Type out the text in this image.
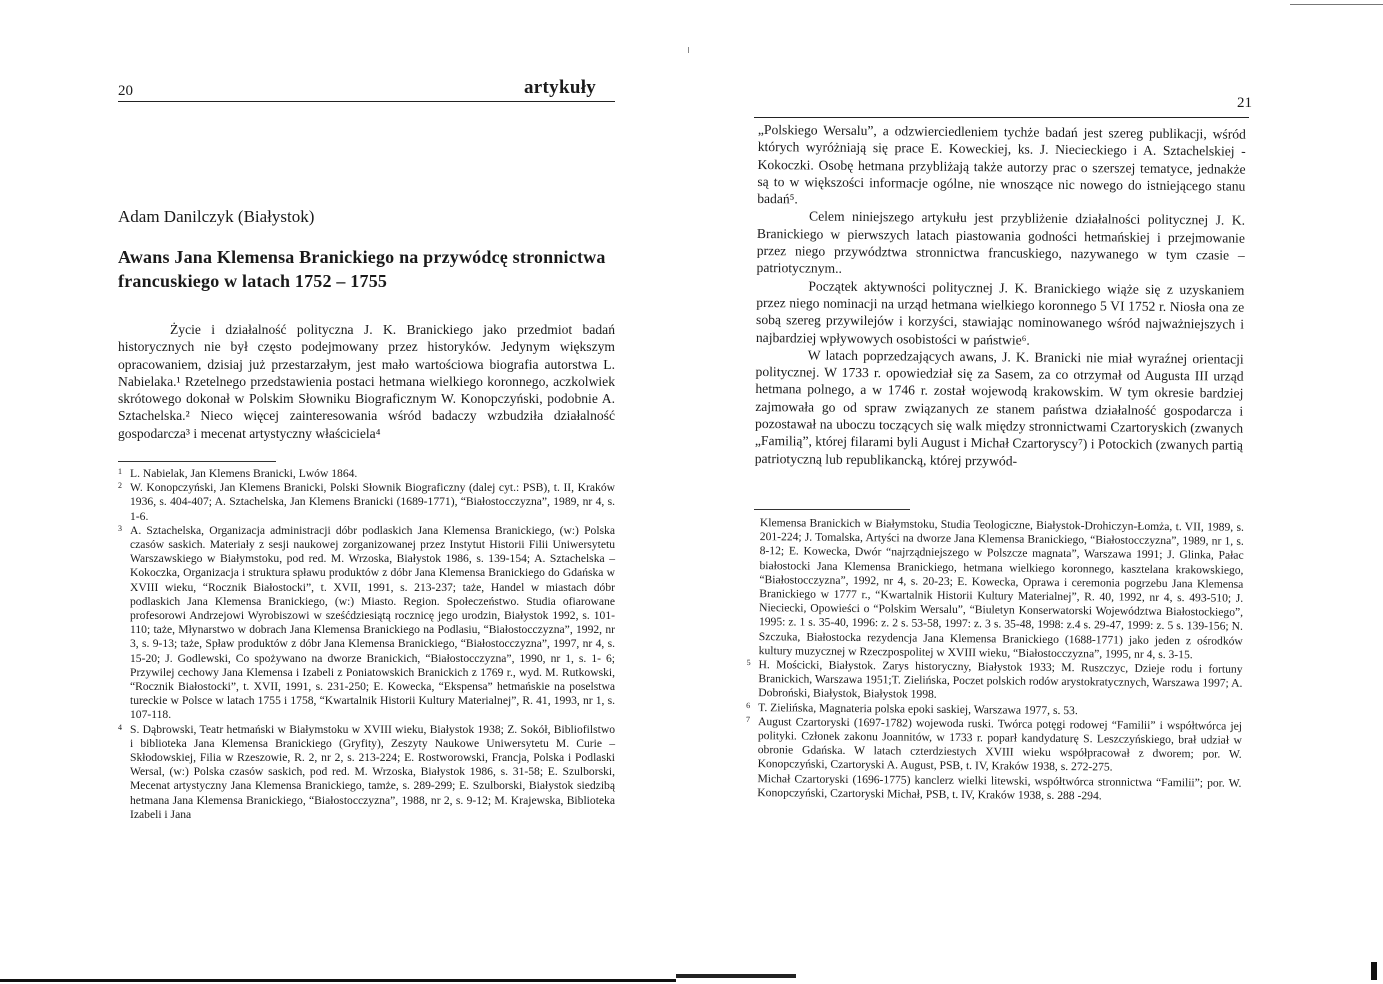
20	artykuły
Adam Danilczyk (Białystok)
Awans Jana Klemensa Branickiego na przywódcę stronnictwa francuskiego w latach 1752 – 1755

Życie i działalność polityczna J. K. Branickiego jako przedmiot badań historycznych nie był często podejmowany przez historyków. Jedynym większym opracowaniem, dzisiaj już przestarzałym, jest mało wartościowa biografia autorstwa L. Nabielaka.¹ Rzetelnego przedstawienia postaci hetmana wielkiego koronnego, aczkolwiek skrótowego dokonał w Polskim Słowniku Biograficznym W. Konopczyński, podobnie A. Sztachelska.² Nieco więcej zainteresowania wśród badaczy wzbudziła działalność gospodarcza³ i mecenat artystyczny właściciela⁴

1 L. Nabielak, Jan Klemens Branicki, Lwów 1864.
2 W. Konopczyński, Jan Klemens Branicki, Polski Słownik Biograficzny (dalej cyt.: PSB), t. II, Kraków 1936, s. 404-407; A. Sztachelska, Jan Klemens Branicki (1689-1771), “Białostocczyzna”, 1989, nr 4, s. 1-6.
3 A. Sztachelska, Organizacja administracji dóbr podlaskich Jana Klemensa Branickiego, (w:) Polska czasów saskich. Materiały z sesji naukowej zorganizowanej przez Instytut Historii Filii Uniwersytetu Warszawskiego w Białymstoku, pod red. M. Wrzoska, Białystok 1986, s. 139-154; A. Sztachelska – Kokoczka, Organizacja i struktura spławu produktów z dóbr Jana Klemensa Branickiego do Gdańska w XVIII wieku, “Rocznik Białostocki”, t. XVII, 1991, s. 213-237; taże, Handel w miastach dóbr podlaskich Jana Klemensa Branickiego, (w:) Miasto. Region. Społeczeństwo. Studia ofiarowane profesorowi Andrzejowi Wyrobiszowi w sześćdziesiątą rocznicę jego urodzin, Białystok 1992, s. 101-110; taże, Młynarstwo w dobrach Jana Klemensa Branickiego na Podlasiu, “Białostocczyzna”, 1992, nr 3, s. 9-13; taże, Spław produktów z dóbr Jana Klemensa Branickiego, “Białostocczyzna”, 1997, nr 4, s. 15-20; J. Godlewski, Co spożywano na dworze Branickich, “Białostocczyzna”, 1990, nr 1, s. 1- 6; Przywilej cechowy Jana Klemensa i Izabeli z Poniatowskich Branickich z 1769 r., wyd. M. Rutkowski, “Rocznik Białostocki”, t. XVII, 1991, s. 231-250; E. Kowecka, “Ekspensa” hetmańskie na poselstwa tureckie w Polsce w latach 1755 i 1758, “Kwartalnik Historii Kultury Materialnej”, R. 41, 1993, nr 1, s. 107-118.
4 S. Dąbrowski, Teatr hetmański w Białymstoku w XVIII wieku, Białystok 1938; Z. Sokół, Bibliofilstwo i biblioteka Jana Klemensa Branickiego (Gryfity), Zeszyty Naukowe Uniwersytetu M. Curie – Skłodowskiej, Filia w Rzeszowie, R. 2, nr 2, s. 213-224; E. Rostworowski, Francja, Polska i Podlaski Wersal, (w:) Polska czasów saskich, pod red. M. Wrzoska, Białystok 1986, s. 31-58; E. Szulborski, Mecenat artystyczny Jana Klemensa Branickiego, tamże, s. 289-299; E. Szulborski, Białystok siedzibą hetmana Jana Klemensa Branickiego, “Białostocczyzna”, 1988, nr 2, s. 9-12; M. Krajewska, Biblioteka Izabeli i Jana
21

„Polskiego Wersalu”, a odzwierciedleniem tychże badań jest szereg publikacji, wśród których wyróżniają się prace E. Koweckiej, ks. J. Niecieckiego i A. Sztachelskiej - Kokoczki. Osobę hetmana przybliżają także autorzy prac o szerszej tematyce, jednakże są to w większości informacje ogólne, nie wnoszące nic nowego do istniejącego stanu badań⁵.

Celem niniejszego artykułu jest przybliżenie działalności politycznej J. K. Branickiego w pierwszych latach piastowania godności hetmańskiej i przejmowanie przez niego przywództwa stronnictwa francuskiego, nazywanego w tym czasie – patriotycznym..

Początek aktywności politycznej J. K. Branickiego wiąże się z uzyskaniem przez niego nominacji na urząd hetmana wielkiego koronnego 5 VI 1752 r. Niosła ona ze sobą szereg przywilejów i korzyści, stawiając nominowanego wśród najważniejszych i najbardziej wpływowych osobistości w państwie⁶.

W latach poprzedzających awans, J. K. Branicki nie miał wyraźnej orientacji politycznej. W 1733 r. opowiedział się za Sasem, za co otrzymał od Augusta III urząd hetmana polnego, a w 1746 r. został wojewodą krakowskim. W tym okresie bardziej zajmowała go od spraw związanych ze stanem państwa działalność gospodarcza i pozostawał na uboczu toczących się walk między stronnictwami Czartoryskich (zwanych „Familią”, której filarami byli August i Michał Czartoryscy⁷) i Potockich (zwanych partią patriotyczną lub republikancką, której przywód-

Klemensa Branickich w Białymstoku, Studia Teologiczne, Białystok-Drohiczyn-Łomża, t. VII, 1989, s. 201-224; J. Tomalska, Artyści na dworze Jana Klemensa Branickiego, “Białostocczyzna”, 1989, nr 1, s. 8-12; E. Kowecka, Dwór “najrządniejszego w Polszcze magnata”, Warszawa 1991; J. Glinka, Pałac białostocki Jana Klemensa Branickiego, hetmana wielkiego koronnego, kasztelana krakowskiego, “Białostocczyzna”, 1992, nr 4, s. 20-23; E. Kowecka, Oprawa i ceremonia pogrzebu Jana Klemensa Branickiego w 1777 r., “Kwartalnik Historii Kultury Materialnej”, R. 40, 1992, nr 4, s. 493-510; J. Nieciecki, Opowieści o “Polskim Wersalu”, “Biuletyn Konserwatorski Województwa Białostockiego”, 1995: z. 1 s. 35-40, 1996: z. 2 s. 53-58, 1997: z. 3 s. 35-48, 1998: z.4 s. 29-47, 1999: z. 5 s. 139-156; N. Szczuka, Białostocka rezydencja Jana Klemensa Branickiego (1688-1771) jako jeden z ośrodków kultury muzycznej w Rzeczpospolitej w XVIII wieku, “Białostocczyzna”, 1995, nr 4, s. 3-15.
5 H. Mościcki, Białystok. Zarys historyczny, Białystok 1933; M. Ruszczyc, Dzieje rodu i fortuny Branickich, Warszawa 1951;T. Zielińska, Poczet polskich rodów arystokratycznych, Warszawa 1997; A. Dobroński, Białystok, Białystok 1998.
6 T. Zielińska, Magnateria polska epoki saskiej, Warszawa 1977, s. 53.
7 August Czartoryski (1697-1782) wojewoda ruski. Twórca potęgi rodowej “Familii” i współtwórca jej polityki. Członek zakonu Joannitów, w 1733 r. poparł kandydaturę S. Leszczyńskiego, brał udział w obronie Gdańska. W latach czterdziestych XVIII wieku współpracował z dworem; por. W. Konopczyński, Czartoryski A. August, PSB, t. IV, Kraków 1938, s. 272-275.
Michał Czartoryski (1696-1775) kanclerz wielki litewski, współtwórca stronnictwa “Familii”; por. W. Konopczyński, Czartoryski Michał, PSB, t. IV, Kraków 1938, s. 288 -294.
